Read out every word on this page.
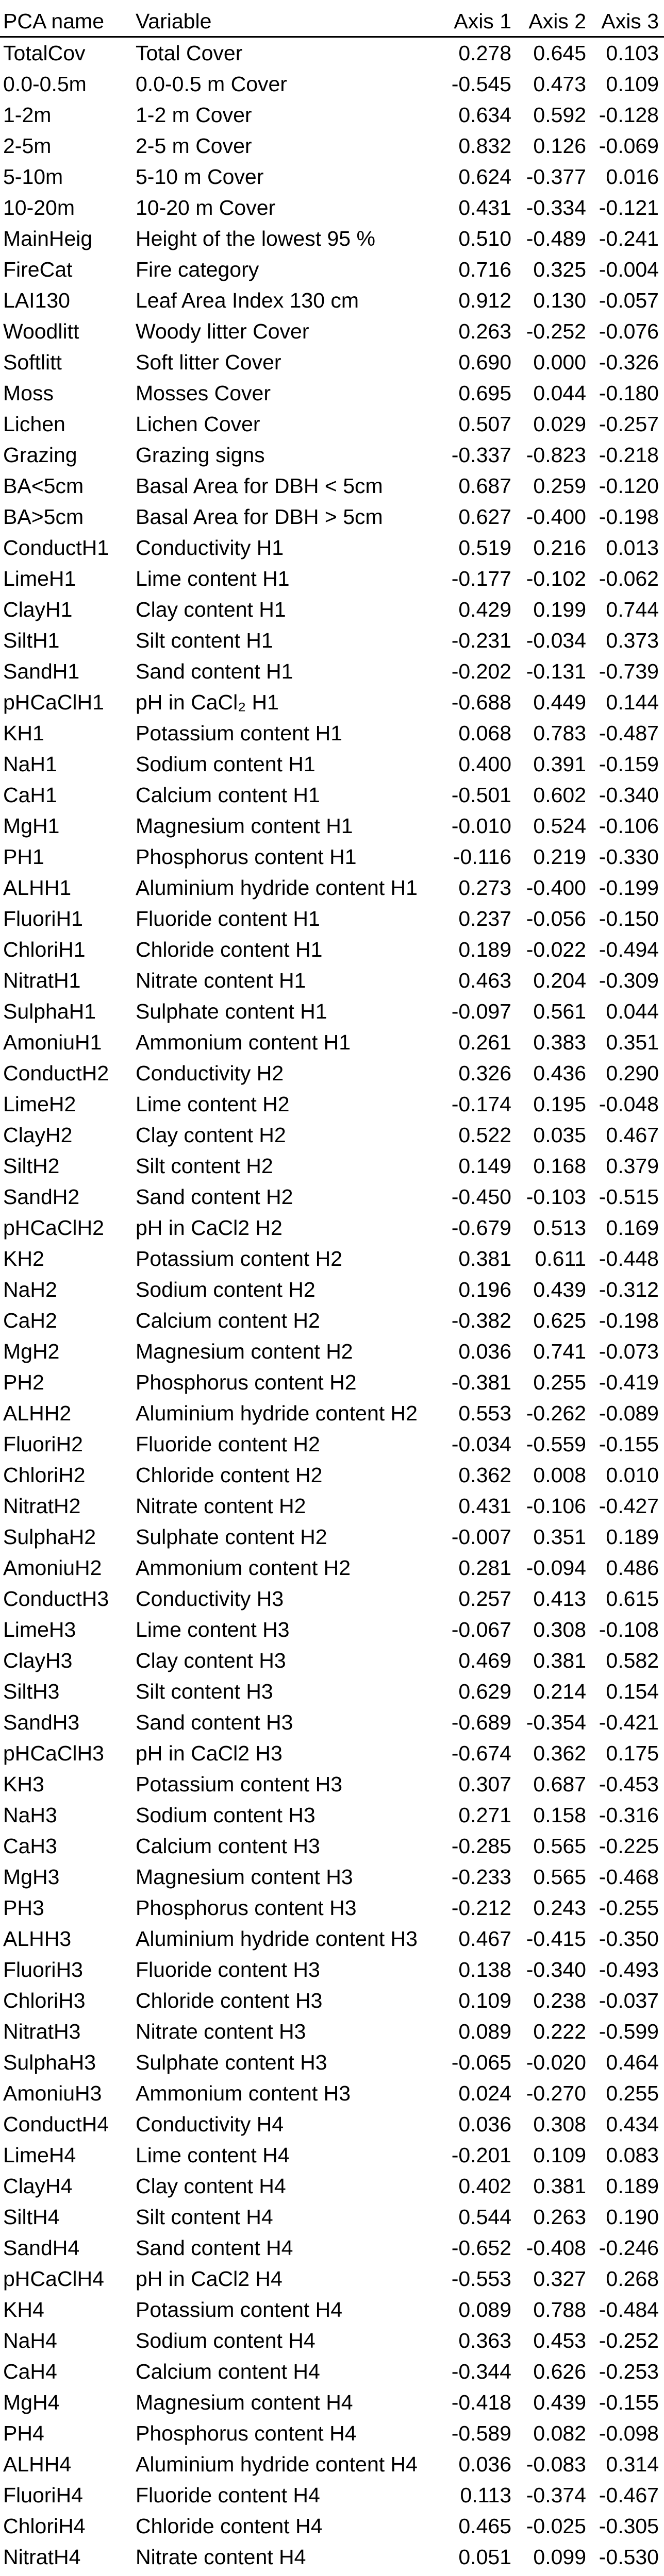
PCA name	Variable	Axis 1	Axis 2	Axis 3
TotalCov	Total Cover	0.278	0.645	0.103
0.0-0.5m	0.0-0.5 m Cover	-0.545	0.473	0.109
1-2m	1-2 m Cover	0.634	0.592	-0.128
2-5m	2-5 m Cover	0.832	0.126	-0.069
5-10m	5-10 m Cover	0.624	-0.377	0.016
10-20m	10-20 m Cover	0.431	-0.334	-0.121
MainHeig	Height of the lowest 95 %	0.510	-0.489	-0.241
FireCat	Fire category	0.716	0.325	-0.004
LAI130	Leaf Area Index 130 cm	0.912	0.130	-0.057
Woodlitt	Woody litter Cover	0.263	-0.252	-0.076
Softlitt	Soft litter Cover	0.690	0.000	-0.326
Moss	Mosses Cover	0.695	0.044	-0.180
Lichen	Lichen Cover	0.507	0.029	-0.257
Grazing	Grazing signs	-0.337	-0.823	-0.218
BA<5cm	Basal Area for DBH < 5cm	0.687	0.259	-0.120
BA>5cm	Basal Area for DBH > 5cm	0.627	-0.400	-0.198
ConductH1	Conductivity H1	0.519	0.216	0.013
LimeH1	Lime content H1	-0.177	-0.102	-0.062
ClayH1	Clay content H1	0.429	0.199	0.744
SiltH1	Silt content H1	-0.231	-0.034	0.373
SandH1	Sand content H1	-0.202	-0.131	-0.739
pHCaClH1	pH in CaCl₂ H1	-0.688	0.449	0.144
KH1	Potassium content H1	0.068	0.783	-0.487
NaH1	Sodium content H1	0.400	0.391	-0.159
CaH1	Calcium content H1	-0.501	0.602	-0.340
MgH1	Magnesium content H1	-0.010	0.524	-0.106
PH1	Phosphorus content H1	-0.116	0.219	-0.330
ALHH1	Aluminium hydride content H1	0.273	-0.400	-0.199
FluoriH1	Fluoride content H1	0.237	-0.056	-0.150
ChloriH1	Chloride content H1	0.189	-0.022	-0.494
NitratH1	Nitrate content H1	0.463	0.204	-0.309
SulphaH1	Sulphate content H1	-0.097	0.561	0.044
AmoniuH1	Ammonium content H1	0.261	0.383	0.351
ConductH2	Conductivity H2	0.326	0.436	0.290
LimeH2	Lime content H2	-0.174	0.195	-0.048
ClayH2	Clay content H2	0.522	0.035	0.467
SiltH2	Silt content H2	0.149	0.168	0.379
SandH2	Sand content H2	-0.450	-0.103	-0.515
pHCaClH2	pH in CaCl2 H2	-0.679	0.513	0.169
KH2	Potassium content H2	0.381	0.611	-0.448
NaH2	Sodium content H2	0.196	0.439	-0.312
CaH2	Calcium content H2	-0.382	0.625	-0.198
MgH2	Magnesium content H2	0.036	0.741	-0.073
PH2	Phosphorus content H2	-0.381	0.255	-0.419
ALHH2	Aluminium hydride content H2	0.553	-0.262	-0.089
FluoriH2	Fluoride content H2	-0.034	-0.559	-0.155
ChloriH2	Chloride content H2	0.362	0.008	0.010
NitratH2	Nitrate content H2	0.431	-0.106	-0.427
SulphaH2	Sulphate content H2	-0.007	0.351	0.189
AmoniuH2	Ammonium content H2	0.281	-0.094	0.486
ConductH3	Conductivity H3	0.257	0.413	0.615
LimeH3	Lime content H3	-0.067	0.308	-0.108
ClayH3	Clay content H3	0.469	0.381	0.582
SiltH3	Silt content H3	0.629	0.214	0.154
SandH3	Sand content H3	-0.689	-0.354	-0.421
pHCaClH3	pH in CaCl2 H3	-0.674	0.362	0.175
KH3	Potassium content H3	0.307	0.687	-0.453
NaH3	Sodium content H3	0.271	0.158	-0.316
CaH3	Calcium content H3	-0.285	0.565	-0.225
MgH3	Magnesium content H3	-0.233	0.565	-0.468
PH3	Phosphorus content H3	-0.212	0.243	-0.255
ALHH3	Aluminium hydride content H3	0.467	-0.415	-0.350
FluoriH3	Fluoride content H3	0.138	-0.340	-0.493
ChloriH3	Chloride content H3	0.109	0.238	-0.037
NitratH3	Nitrate content H3	0.089	0.222	-0.599
SulphaH3	Sulphate content H3	-0.065	-0.020	0.464
AmoniuH3	Ammonium content H3	0.024	-0.270	0.255
ConductH4	Conductivity H4	0.036	0.308	0.434
LimeH4	Lime content H4	-0.201	0.109	0.083
ClayH4	Clay content H4	0.402	0.381	0.189
SiltH4	Silt content H4	0.544	0.263	0.190
SandH4	Sand content H4	-0.652	-0.408	-0.246
pHCaClH4	pH in CaCl2 H4	-0.553	0.327	0.268
KH4	Potassium content H4	0.089	0.788	-0.484
NaH4	Sodium content H4	0.363	0.453	-0.252
CaH4	Calcium content H4	-0.344	0.626	-0.253
MgH4	Magnesium content H4	-0.418	0.439	-0.155
PH4	Phosphorus content H4	-0.589	0.082	-0.098
ALHH4	Aluminium hydride content H4	0.036	-0.083	0.314
FluoriH4	Fluoride content H4	0.113	-0.374	-0.467
ChloriH4	Chloride content H4	0.465	-0.025	-0.305
NitratH4	Nitrate content H4	0.051	0.099	-0.530
